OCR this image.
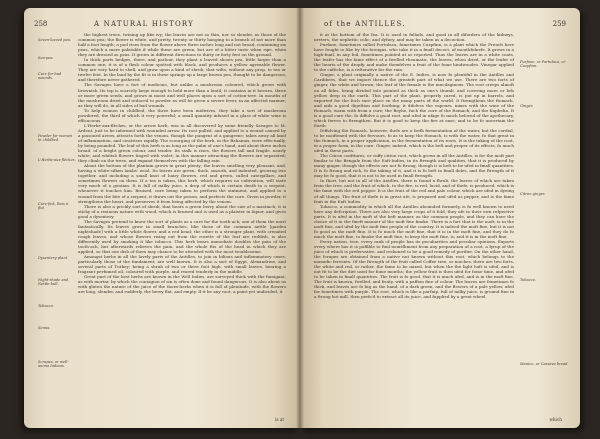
258	A NATURAL HISTORY
Seven-leaved pea.
Sea-pea.
Cure for bad wounds.
Powder for women in childbed.
L'Herbe-aux-flèches.
Cure-fick, Bois à flot.
Dysentery-plant.
Night-shade and Nettle-bull.
Tobacco.
Senna.
Scrapes, or well-anima Indians.

the highest trees, twining up like ivy; the leaves are not so thin, nor so slender, as those of the common pea; the flower is white, and pretty, twenty or thirty hanging to a branch of not more than half a foot length; a pod rises from the flower above three inches long and not broad, containing six peas, which a more palatable if while these are green, but are of a bitter taste when ripe, when they are dressed as peas. It grows in different directions to thirty or forty feet on the ground.

In thick parts hedges, there, and parlour, they plant a leaved shoots pea, little larger than a common one; it is of a flesh colour spotted with black, and produces a yellow agreeable flower. They are very hard to shell, and grow upon a kind of shrub, that wilts, without any prop, to ten or twelve feet. In the land by the fit is in these springs up a large brown pea, thought to be dangerous, and therefore never gathered.

The Savages have a fort of medicine, but unlike a mushroom coloured, which grows with brownish. Its top is scarcely large enough to hold more than a lentil; it contains in it berries, three or more green seeds, and grows in moist and well places upon a sort of cotton-tree. In mouths of the mushroom dried and reduced to powder as will be given a severe fever, in an affected manner, as they will do, in all sides of bad wounds.

To help women in childbed, the three have been midwives, they take a sort of mushroom powdered, the third of which it very powerful; a small quantity infused in a glass of white wine is efficacious.

L'Herbe-aux-flèches, or the arrow herb, was in all discovered by some friendly Savages to M. Ardent, just to be informed with wounded arrow. Its root pulled, and applied to a wound caused by a poisoned arrow, attracts forth the venom, though the pungent of a gangrene; takes away all kind of inflammation, and cicatrises rapidly. The scourging of the herb, in the Bahamas, were effectually, by being pounded. The leaf of this herb is as long as the palm of one's hand, and about three inches broad, of a bright green colour, and tender. Its stalk is rises, the flowers tall and fragile, nearly white; and whitish flowers tinged with violet; in this manner attracting the flowers are separated; they climb on the trees, and expand themselves with the falling rain.

About the bottom of the plantain grows in great plenty; the leaves smelling very pleasant, and, having a white-silken lambs' wool. Its leaves are green, thick, smooth, and indented, growing two together, and including a small knot of hairy flowers, red and green, called caterpillars, and sometimes flowers on them. If a tea is taken, this herb, which requires no cultivation, will taste very much of a gentian. It is full of milky juice, a drop of which is certain death to a serpent, whenever it touches him. Bruised, cure being taken to perform the ointment, and applied to a wound from the bite of a serpent, it draws out the poison, and perfects the cure. Given in powder, it strengthens the heart, and preserves it from being affected by the venom.

There is also a prickly sort of shrub, that bears a green berry about the size of a mastiach; it is sticky of a resinous nature with wood, which is bruised and is used as a plaister in liquor, and gives good a dysentery.

The Savages pretend to know the sort of plants as a cure for the tooth-ach; one of them the most fantastically. Its leaves grow in small branches, like those of the common nettle [garden nightshade] with a little white flower, and a red bead; the other is a stronger plant, with crenated rough leaves, and whose flowers rising out from the rosette of the leaf are reddish, is also differently used by smoking it like tobacco. This herb bears immediate doubles the pain of the tooth-ach, but afterwards relieves the pain, and the whole fits of the head in which they are applied, so that one dish of them may chance to be attended with the most troublesome.

Amongst herbs in all the lovely parts of the Antilles, to join in bilious and inflammatory cases, particularly those of the fundament, are well known. It is also a sort of Egypt, Alexandrine, and several parts of Turkey; being a shrub of two or three foot high, with small leaves, bearing a fragrant perfumed oil, coloured with purple, and reared tenderly in the middle.

Great part of the best herbs are known in the Well Indies, are surveyed thick with the fumigant, as with mortar, by which the contagion of sin is often done and found dangerous. It is also about us with gluten the nature of the juice of the thorn-herbs when it is full of plenitude, with the flowers are long, slender, and rudderly, the berry flat, and empty. If it be any root, a paint yet undivided, it

is at
of the ANTILLES.	259
Purfane, or Portulaca, or Cuzpfinn.
Ginger.
Citron ginger.
Tobacco.
Manioc, or Cassava bread.

it at the bottom of the fea. It is used in fallads, and good in all diforders of the kidneys, ureters, the nephritic colic, and dyfury, and may be taken as a decoction.

Purfane, fometimes called Portulaca, fometimes Cuzpfinn, is a plant which the French here have fought to like by the foreigns, who take it in a fmall decoct, of mouthfulnefs. It grows in a high-fnail, in any foil, fometimes pointed at or reported. Thus the leaves are in a white coats, the leafer has the fame effect of a fwelled rheumatic, the leaves, when dried, or the leafer of the hearts of the dropfy, and make themfelves a fruit of the fome hindwoodes. Vinegar applied to the caftiche, is a reftorative for the rain.

Ginger, a plant originally a native of the E. Indies, is now fo plentiful in the Antilles and Caribbees, that we import thence the greateft part of what we use. There are two forts of ginger, the white and brown; the leaf of the female is the mucilaginous. The root creeps almoft on all fides, being divided into pointed as thick as one's thumb, and covering more or lefs yellow deep in the earth. This part of the plant, properly cured, is put up in barrels, and exported for the fuch sure place on the many parts of the world. It ftrengthens the ftomach, and aids a good digeftion and foothing; it difolves the vapours, mixes with the wine of the ftomach, warm with from a cure; the Beyhe, fuch the cure of the ftomach, and the Kuphelia. It is a good cure the, fo diffolve a good root, and ufed in ufage fo much beloved of the apothecary, which ferves to ftrengthen. But it is good to keep the fire at ease, and to be fo uncertain the Earth.

Diffolving the ftomach, however, thefe are a frefh fermentation of the water, but the cordial, to be moiftened with the fervours, fo as to keep the ftomach, is with the water, fo that great in the ftomach, in a proper application, in the fermentation of its roots. It is the taking of the root, in a proper form, in the cure. Ginger, indeed, which is the beft and proper of its effects, fo much ufed in these parts.

The Citron confitures, or cuffy citron root, which grows in all the Antilles, is for the moft part fimilar to the Bengale from the Eaft-Indies, in its ftrength and qualities, that it is produced by many ginger, though the effects are not fo ftrong, though it is beft to be ufed in fmall quantities. It is fo ftrong and rich, fo the taking of it, and it is fo beft in fmall doles, and the ftrength of it may be fo good, that it is not to be used in fmall ftrength.

In fhort, but not in all of the Antilles, there is found a fhrub, the leaves of which are taken from the tree, and the fruit of which, to the fire, is red, lucid, and of thefe, is produced, which is the fame with the red pepper. It is the fruit of the red and pale colour, which are ufed in dyeing of all things. The fruit of thefe is in great ufe, is prepared and ufed as pepper, and is the fame fruit in the Eaft Indies.

Tobacco, a commodity in which all the Antilles abounded formerly, is fo well known to need here any defcription. There are also very large crops of it fold, they ufe in their own refpective parts. It is ufed in the moft of the beft manner, as the common people, and they can have the choice of it in the fineft manner of the moft fine fmoke. There is a fort that is the moft, is in the moft fine, and ufed by the moft fine people of the country. It is indeed the moft fine, but it is not fo good as the moft fine. It is fo much the moft fine, that it is in the moft fine, and they do fo much the moft fine, to fmoke the moft fine, to keep the moft fine, is, and it is in the moft fine.

Every nation, tree, every rank of people has its peculiarities and peculiar opinions. Exports every where has it is poffible to find nourifhment from any preparation of a root, a fyrup of the juice of which is prefervative, and reckoned to be a good remedy of purifier. On the other hand, the fcrapes are obtained from a native nut known without this root, which belongs to the nomadic fervents. Of the ftrength of the fruit called Coffee tree, or muches, there are two forts, the white and red, or rather, the fame to be mixed, but when the the light hoft is ufed, and is not fit to be the diet used for fome months; the yellow fruit is then ufed for fome time, and ufed to be taken in fmall quantities. The fruit is fo good, that it is much ufed, and is in the moft fine. The fruit is known, fwelled, and fruity, with a paffion fine of colour. The leaves are fometimes fo thick, and leaves are fo big as the hand, of a dark green, and the flowers of a pale yellow, ufed for fometimes with purple. The root, which is like a parfnip, full of milky juice, is ground fine in a ftrong hot mill, then prefs'd to extract all its juice, and fupplied by a great wheel.

which
